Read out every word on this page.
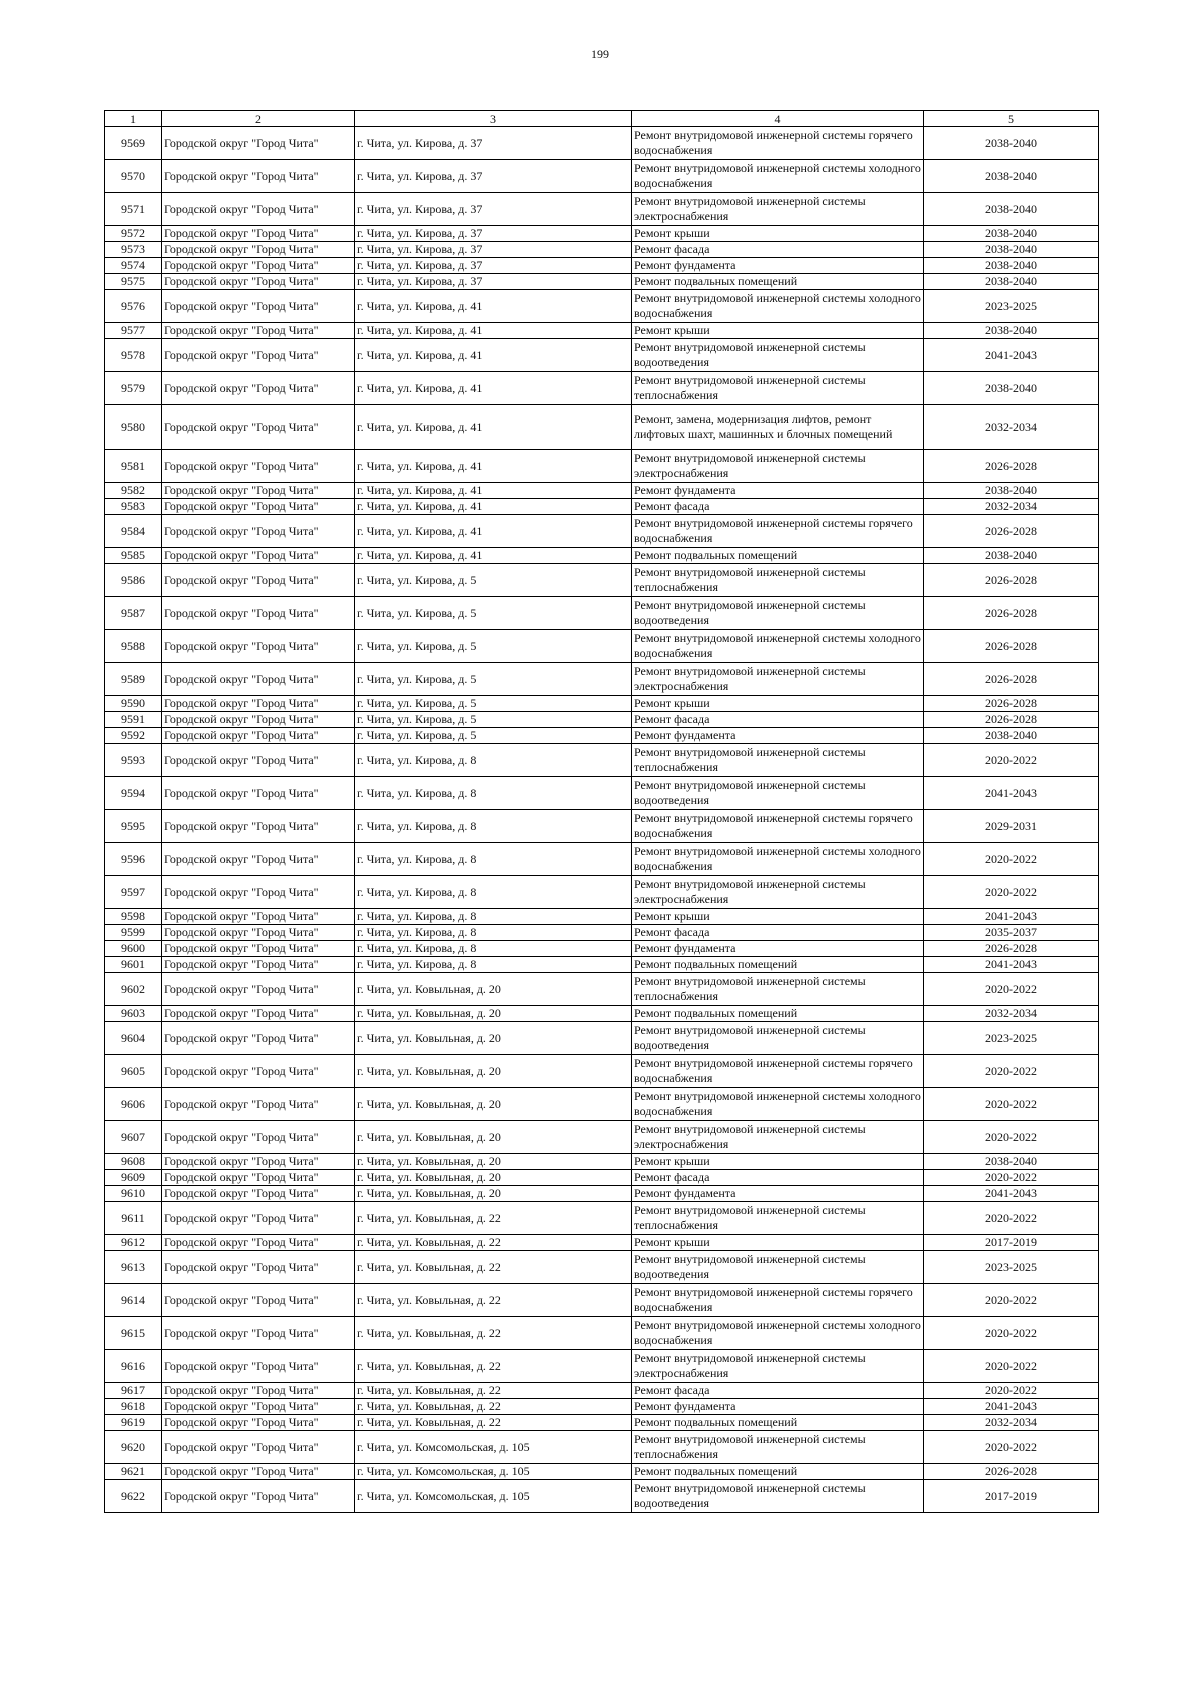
199
1	2	3	4	5
9569	Городской округ "Город Чита"	г. Чита, ул. Кирова, д. 37	Ремонт внутридомовой инженерной системы горячего водоснабжения	2038-2040
9570	Городской округ "Город Чита"	г. Чита, ул. Кирова, д. 37	Ремонт внутридомовой инженерной системы холодного водоснабжения	2038-2040
9571	Городской округ "Город Чита"	г. Чита, ул. Кирова, д. 37	Ремонт внутридомовой инженерной системы электроснабжения	2038-2040
9572	Городской округ "Город Чита"	г. Чита, ул. Кирова, д. 37	Ремонт крыши	2038-2040
9573	Городской округ "Город Чита"	г. Чита, ул. Кирова, д. 37	Ремонт фасада	2038-2040
9574	Городской округ "Город Чита"	г. Чита, ул. Кирова, д. 37	Ремонт фундамента	2038-2040
9575	Городской округ "Город Чита"	г. Чита, ул. Кирова, д. 37	Ремонт подвальных помещений	2038-2040
9576	Городской округ "Город Чита"	г. Чита, ул. Кирова, д. 41	Ремонт внутридомовой инженерной системы холодного водоснабжения	2023-2025
9577	Городской округ "Город Чита"	г. Чита, ул. Кирова, д. 41	Ремонт крыши	2038-2040
9578	Городской округ "Город Чита"	г. Чита, ул. Кирова, д. 41	Ремонт внутридомовой инженерной системы водоотведения	2041-2043
9579	Городской округ "Город Чита"	г. Чита, ул. Кирова, д. 41	Ремонт внутридомовой инженерной системы теплоснабжения	2038-2040
9580	Городской округ "Город Чита"	г. Чита, ул. Кирова, д. 41	Ремонт, замена, модернизация лифтов, ремонт лифтовых шахт, машинных и блочных помещений	2032-2034
9581	Городской округ "Город Чита"	г. Чита, ул. Кирова, д. 41	Ремонт внутридомовой инженерной системы электроснабжения	2026-2028
9582	Городской округ "Город Чита"	г. Чита, ул. Кирова, д. 41	Ремонт фундамента	2038-2040
9583	Городской округ "Город Чита"	г. Чита, ул. Кирова, д. 41	Ремонт фасада	2032-2034
9584	Городской округ "Город Чита"	г. Чита, ул. Кирова, д. 41	Ремонт внутридомовой инженерной системы горячего водоснабжения	2026-2028
9585	Городской округ "Город Чита"	г. Чита, ул. Кирова, д. 41	Ремонт подвальных помещений	2038-2040
9586	Городской округ "Город Чита"	г. Чита, ул. Кирова, д. 5	Ремонт внутридомовой инженерной системы теплоснабжения	2026-2028
9587	Городской округ "Город Чита"	г. Чита, ул. Кирова, д. 5	Ремонт внутридомовой инженерной системы водоотведения	2026-2028
9588	Городской округ "Город Чита"	г. Чита, ул. Кирова, д. 5	Ремонт внутридомовой инженерной системы холодного водоснабжения	2026-2028
9589	Городской округ "Город Чита"	г. Чита, ул. Кирова, д. 5	Ремонт внутридомовой инженерной системы электроснабжения	2026-2028
9590	Городской округ "Город Чита"	г. Чита, ул. Кирова, д. 5	Ремонт крыши	2026-2028
9591	Городской округ "Город Чита"	г. Чита, ул. Кирова, д. 5	Ремонт фасада	2026-2028
9592	Городской округ "Город Чита"	г. Чита, ул. Кирова, д. 5	Ремонт фундамента	2038-2040
9593	Городской округ "Город Чита"	г. Чита, ул. Кирова, д. 8	Ремонт внутридомовой инженерной системы теплоснабжения	2020-2022
9594	Городской округ "Город Чита"	г. Чита, ул. Кирова, д. 8	Ремонт внутридомовой инженерной системы водоотведения	2041-2043
9595	Городской округ "Город Чита"	г. Чита, ул. Кирова, д. 8	Ремонт внутридомовой инженерной системы горячего водоснабжения	2029-2031
9596	Городской округ "Город Чита"	г. Чита, ул. Кирова, д. 8	Ремонт внутридомовой инженерной системы холодного водоснабжения	2020-2022
9597	Городской округ "Город Чита"	г. Чита, ул. Кирова, д. 8	Ремонт внутридомовой инженерной системы электроснабжения	2020-2022
9598	Городской округ "Город Чита"	г. Чита, ул. Кирова, д. 8	Ремонт крыши	2041-2043
9599	Городской округ "Город Чита"	г. Чита, ул. Кирова, д. 8	Ремонт фасада	2035-2037
9600	Городской округ "Город Чита"	г. Чита, ул. Кирова, д. 8	Ремонт фундамента	2026-2028
9601	Городской округ "Город Чита"	г. Чита, ул. Кирова, д. 8	Ремонт подвальных помещений	2041-2043
9602	Городской округ "Город Чита"	г. Чита, ул. Ковыльная, д. 20	Ремонт внутридомовой инженерной системы теплоснабжения	2020-2022
9603	Городской округ "Город Чита"	г. Чита, ул. Ковыльная, д. 20	Ремонт подвальных помещений	2032-2034
9604	Городской округ "Город Чита"	г. Чита, ул. Ковыльная, д. 20	Ремонт внутридомовой инженерной системы водоотведения	2023-2025
9605	Городской округ "Город Чита"	г. Чита, ул. Ковыльная, д. 20	Ремонт внутридомовой инженерной системы горячего водоснабжения	2020-2022
9606	Городской округ "Город Чита"	г. Чита, ул. Ковыльная, д. 20	Ремонт внутридомовой инженерной системы холодного водоснабжения	2020-2022
9607	Городской округ "Город Чита"	г. Чита, ул. Ковыльная, д. 20	Ремонт внутридомовой инженерной системы электроснабжения	2020-2022
9608	Городской округ "Город Чита"	г. Чита, ул. Ковыльная, д. 20	Ремонт крыши	2038-2040
9609	Городской округ "Город Чита"	г. Чита, ул. Ковыльная, д. 20	Ремонт фасада	2020-2022
9610	Городской округ "Город Чита"	г. Чита, ул. Ковыльная, д. 20	Ремонт фундамента	2041-2043
9611	Городской округ "Город Чита"	г. Чита, ул. Ковыльная, д. 22	Ремонт внутридомовой инженерной системы теплоснабжения	2020-2022
9612	Городской округ "Город Чита"	г. Чита, ул. Ковыльная, д. 22	Ремонт крыши	2017-2019
9613	Городской округ "Город Чита"	г. Чита, ул. Ковыльная, д. 22	Ремонт внутридомовой инженерной системы водоотведения	2023-2025
9614	Городской округ "Город Чита"	г. Чита, ул. Ковыльная, д. 22	Ремонт внутридомовой инженерной системы горячего водоснабжения	2020-2022
9615	Городской округ "Город Чита"	г. Чита, ул. Ковыльная, д. 22	Ремонт внутридомовой инженерной системы холодного водоснабжения	2020-2022
9616	Городской округ "Город Чита"	г. Чита, ул. Ковыльная, д. 22	Ремонт внутридомовой инженерной системы электроснабжения	2020-2022
9617	Городской округ "Город Чита"	г. Чита, ул. Ковыльная, д. 22	Ремонт фасада	2020-2022
9618	Городской округ "Город Чита"	г. Чита, ул. Ковыльная, д. 22	Ремонт фундамента	2041-2043
9619	Городской округ "Город Чита"	г. Чита, ул. Ковыльная, д. 22	Ремонт подвальных помещений	2032-2034
9620	Городской округ "Город Чита"	г. Чита, ул. Комсомольская, д. 105	Ремонт внутридомовой инженерной системы теплоснабжения	2020-2022
9621	Городской округ "Город Чита"	г. Чита, ул. Комсомольская, д. 105	Ремонт подвальных помещений	2026-2028
9622	Городской округ "Город Чита"	г. Чита, ул. Комсомольская, д. 105	Ремонт внутридомовой инженерной системы водоотведения	2017-2019
